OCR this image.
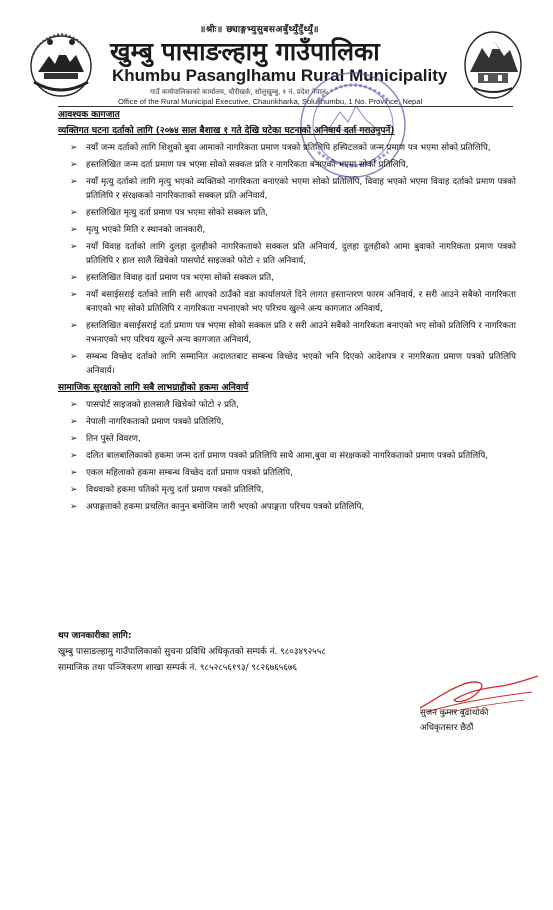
॥श्रीः॥ छ्याङ्गभ्युसुबसअबुँथ्युँदुँथ्युँ॥
खुम्बु पासाङल्हामु गाउँपालिका
Khumbu Pasanglhamu Rural Municipality
गाउँ कार्यपालिकाको कार्यालय, चौरीखर्क, सोलुखुम्बु, १ नं. प्रदेश नेपाल
Office of the Rural Municipal Executive, Chaurikharka, Solukhumbu, 1 No. Province, Nepal

आवश्यक कागजात

व्यक्तिगत घटना दर्ताको लागि (२०७४ साल बैशाख १ गते देखि घटेका घटनाको अनिवार्य दर्ता गराउनुपर्ने)

➢ नयाँ जन्म दर्ताको लागि शिशुको बुवा आमाको नागरिकता प्रमाण पत्रको प्रतिलिपि हस्पिटलको जन्म प्रमाण पत्र भएमा सोको प्रतिलिपि,
➢ हस्तलिखित जन्म दर्ता प्रमाण पत्र भएमा सोको सक्कल प्रति र नागरिकता बनाएको भएमा सोको प्रतिलिपि,
➢ नयाँ मृत्यु दर्ताको लागि मृत्यु भएको व्यक्तिको नागरिकता बनाएको भएमा सोको प्रतिलिपि, विवाह भएको भएमा विवाह दर्ताको प्रमाण पत्रको प्रतिलिपि र संरक्षकको नागरिकताको सक्कल प्रति अनिवार्य,
➢ हस्तलिखित मृत्यु दर्ता प्रमाण पत्र भएमा सोको सक्कल प्रति,
➢ मृत्यु भएको मिति र स्थानको जानकारी,
➢ नयाँ विवाह दर्ताको लागि दुलहा दुलहीको नागरिकताको सक्कल प्रति अनिवार्य, दुलहा दुलहीको आमा बुवाको नागरिकता प्रमाण पत्रको प्रतिलिपि र हाल सालै खिचेको पासपोर्ट साइजको फोटो २ प्रति अनिवार्य,
➢ हस्तलिखित विवाह दर्ता प्रमाण पत्र भएमा सोको सक्कल प्रति,
➢ नयाँ बसाईसराई दर्ताको लागि सरी आएको ठाउँको वडा कार्यालयले दिने लागत हस्तान्तरण फारम अनिवार्य, र सरी आउने सबैको नागरिकता बनाएको भए सोको प्रतिलिपि र नागरिकता नभनाएको भए परिचय खुल्ने अन्य कागजात अनिवार्य,
➢ हस्तलिखित बसाईसराई दर्ता प्रमाण पत्र भएमा सोको सक्कल प्रति र सरी आउने सबैको नागरिकता बनाएको भए सोको प्रतिलिपि र नागरिकता नभनाएको भए परिचय खुल्ने अन्य कागजात अनिवार्य,
➢ सम्बन्ध विच्छेद दर्ताको लागि सम्मानित अदालतबाट सम्बन्ध विच्छेद भएको भनि दिएको आदेशपत्र र नागरिकता प्रमाण पत्रको प्रतिलिपि अनिवार्य।

सामाजिक सुरक्षाको लागि सबै लाभग्राहीको हकमा अनिवार्य

➢ पासपोर्ट साइजको हालसालै खिचेको फोटो २ प्रति,
➢ नेपाली नागरिकताको प्रमाण पत्रको प्रतिलिपि,
➢ तिन पुस्ते विवरण,
➢ दलित बालबालिकाको हकमा जन्म दर्ता प्रमाण पत्रको प्रतिलिपि साथै आमा,बुवा वा संरक्षकको नागरिकताको प्रमाण पत्रको प्रतिलिपि,
➢ एकल महिलाको हकमा सम्बन्ध विच्छेद दर्ता प्रमाण पत्रको प्रतिलिपि,
➢ विधवाको हकमा पतिको मृत्यु दर्ता प्रमाण पत्रको प्रतिलिपि,
➢ अपाङ्गताको हकमा प्रचलित कानुन बमोजिम जारी भएको अपाङ्गता परिचय पत्रको प्रतिलिपि,
थप जानकारीका लागि:
खुम्बु पासाङल्हामु गाउँपालिकाको सुचना प्रविधि अधिकृतको सम्पर्क नं. ९८०३४९२५५८
सामाजिक तथा पञ्जिकरण शाखा सम्पर्क नं. ९८५२८५६१९३/ ९८२६७६५६७६
सुजन कुमार बुढाथोकी
अधिकृतस्तर छैठौं
